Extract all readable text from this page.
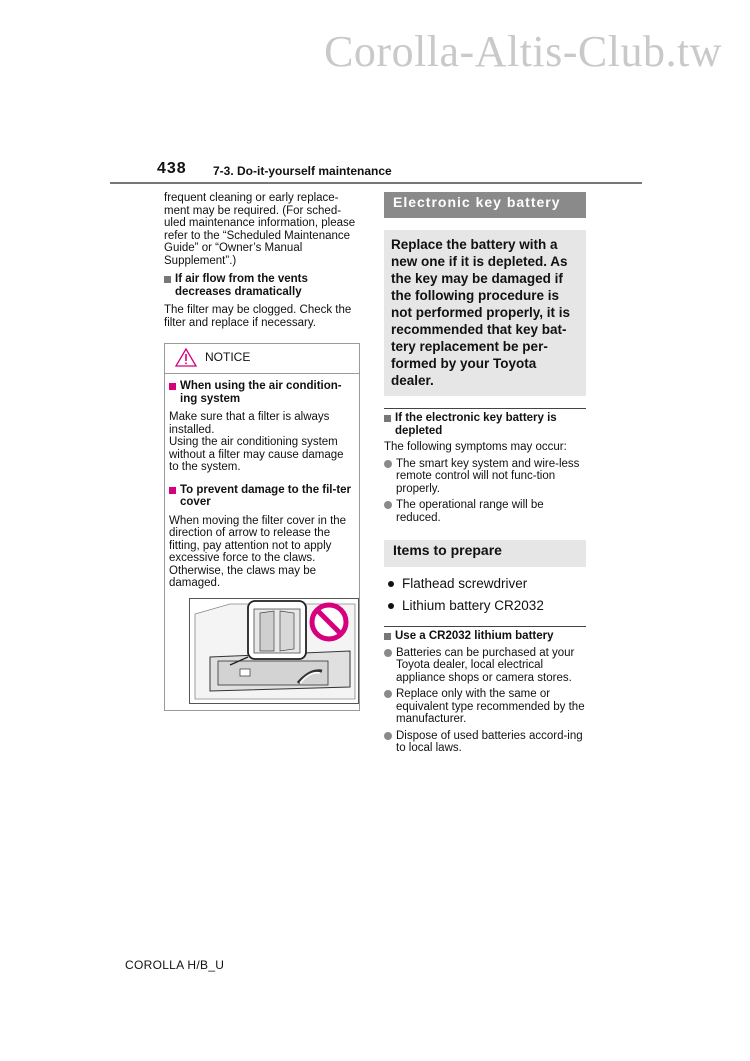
Corolla-Altis-Club.tw
438 7-3. Do-it-yourself maintenance

frequent cleaning or early replace-ment may be required. (For sched-uled maintenance information, please refer to the “Scheduled Maintenance Guide” or “Owner’s Manual Supplement”.)

If air flow from the vents decreases dramatically

The filter may be clogged. Check the filter and replace if necessary.

NOTICE
When using the air condition-ing system

Make sure that a filter is always installed.
Using the air conditioning system without a filter may cause damage to the system.

To prevent damage to the fil-ter cover

When moving the filter cover in the direction of arrow to release the fitting, pay attention not to apply excessive force to the claws. Otherwise, the claws may be damaged.

Electronic key battery
Replace the battery with a new one if it is depleted. As the key may be damaged if the following procedure is not performed properly, it is recommended that key bat-tery replacement be per-formed by your Toyota dealer.
If the electronic key battery is depleted

The following symptoms may occur:

The smart key system and wire-less remote control will not func-tion properly.
The operational range will be reduced.
Items to prepare
Flathead screwdriver
Lithium battery CR2032
Use a CR2032 lithium battery
Batteries can be purchased at your Toyota dealer, local electrical appliance shops or camera stores.
Replace only with the same or equivalent type recommended by the manufacturer.
Dispose of used batteries accord-ing to local laws.
COROLLA H/B_U
